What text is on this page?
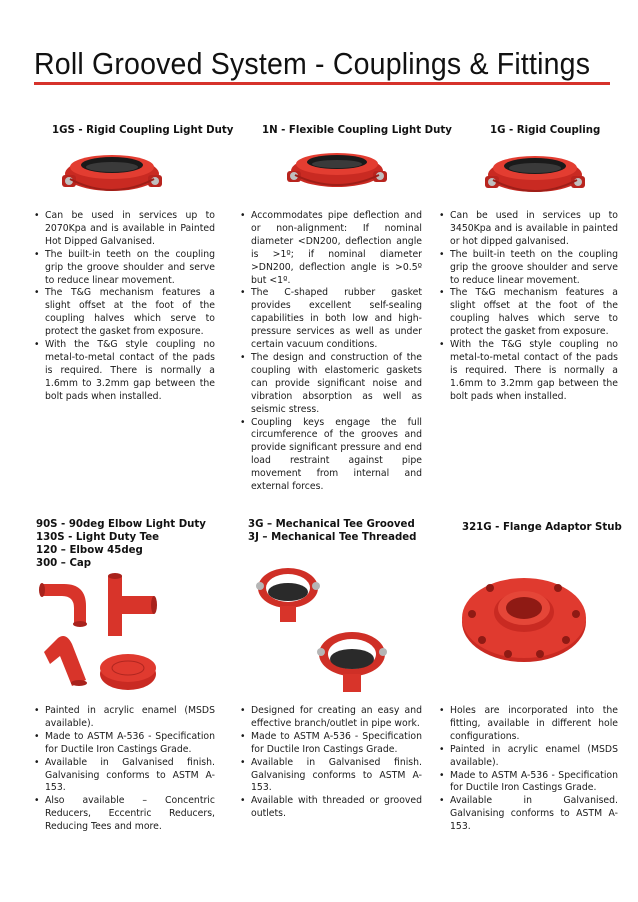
Roll Grooved System - Couplings & Fittings
1GS - Rigid Coupling Light Duty	1N - Flexible Coupling Light Duty	1G - Rigid Coupling
• Can be used in services up to 2070Kpa and is available in Painted Hot Dipped Galvanised.
• The built-in teeth on the coupling grip the groove shoulder and serve to reduce linear movement.
• The T&G mechanism features a slight offset at the foot of the coupling halves which serve to protect the gasket from exposure.
• With the T&G style coupling no metal-to-metal contact of the pads is required. There is normally a 1.6mm to 3.2mm gap between the bolt pads when installed.
• Accommodates pipe deflection and or non-alignment: If nominal diameter <DN200, deflection angle is >1º; if nominal diameter >DN200, deflection angle is >0.5º but <1º.
• The C-shaped rubber gasket provides excellent self-sealing capabilities in both low and high-pressure services as well as under certain vacuum conditions.
• The design and construction of the coupling with elastomeric gaskets can provide significant noise and vibration absorption as well as seismic stress.
• Coupling keys engage the full circumference of the grooves and provide significant pressure and end load restraint against pipe movement from internal and external forces.
• Can be used in services up to 3450Kpa and is available in painted or hot dipped galvanised.
• The built-in teeth on the coupling grip the groove shoulder and serve to reduce linear movement.
• The T&G mechanism features a slight offset at the foot of the coupling halves which serve to protect the gasket from exposure.
• With the T&G style coupling no metal-to-metal contact of the pads is required. There is normally a 1.6mm to 3.2mm gap between the bolt pads when installed.
90S - 90deg Elbow Light Duty
130S - Light Duty Tee
120 – Elbow 45deg
300 – Cap
3G – Mechanical Tee Grooved
3J – Mechanical Tee Threaded
321G - Flange Adaptor Stub
• Painted in acrylic enamel (MSDS available).
• Made to ASTM A-536 - Specification for Ductile Iron Castings Grade.
• Available in Galvanised finish. Galvanising conforms to ASTM A-153.
• Also available – Concentric Reducers, Eccentric Reducers, Reducing Tees and more.
• Designed for creating an easy and effective branch/outlet in pipe work.
• Made to ASTM A-536 - Specification for Ductile Iron Castings Grade.
• Available in Galvanised finish. Galvanising conforms to ASTM A-153.
• Available with threaded or grooved outlets.
• Holes are incorporated into the fitting, available in different hole configurations.
• Painted in acrylic enamel (MSDS available).
• Made to ASTM A-536 - Specification for Ductile Iron Castings Grade.
• Available in Galvanised. Galvanising conforms to ASTM A-153.
